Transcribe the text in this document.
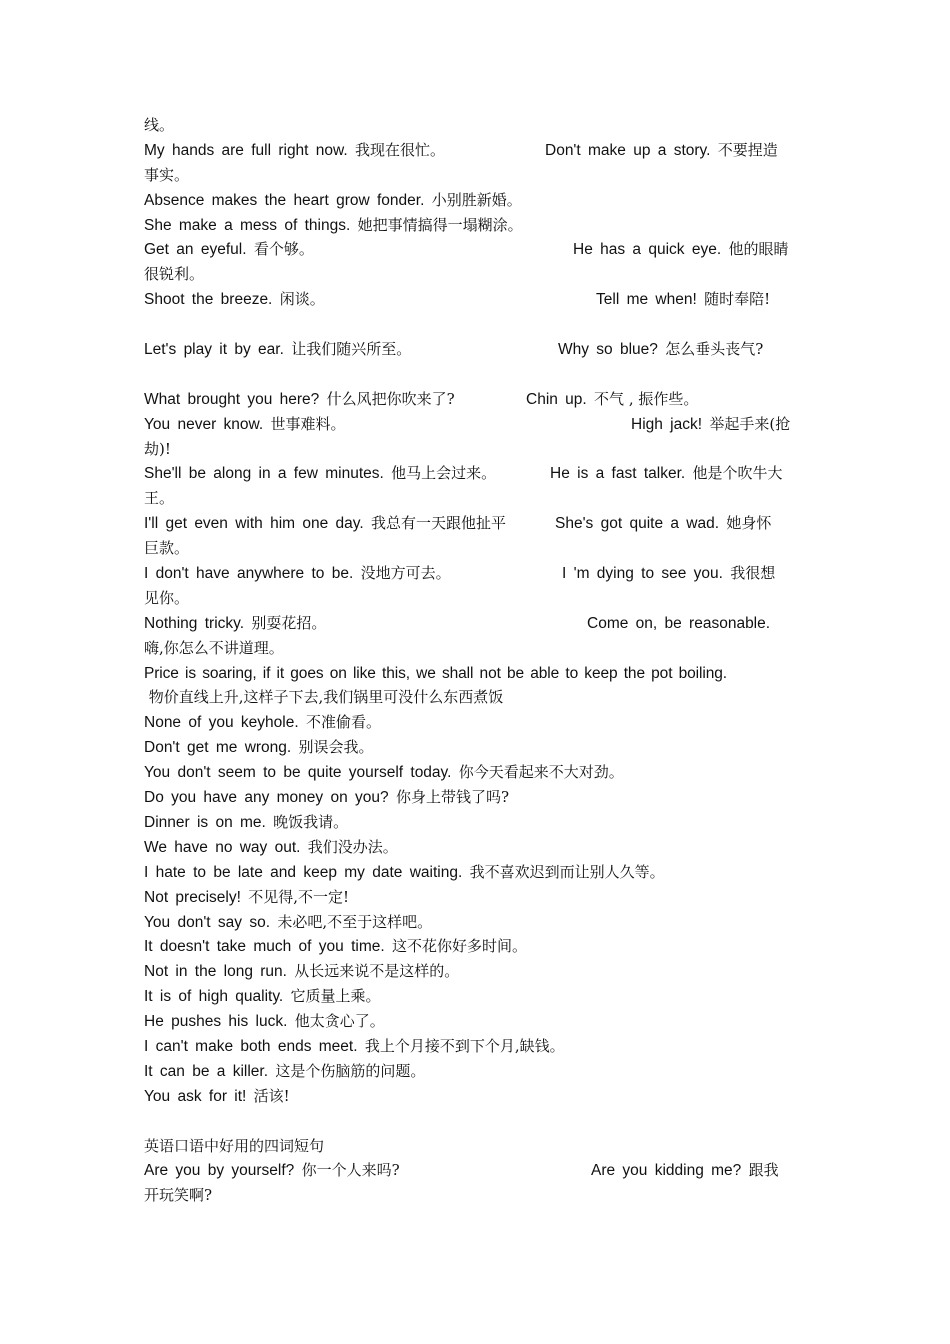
线。
My hands are full right now. 我现在很忙。	Don't make up a story. 不要捏造
事实。
Absence makes the heart grow fonder. 小别胜新婚。
She make a mess of things. 她把事情搞得一塌糊涂。
Get an eyeful. 看个够。	He has a quick eye. 他的眼睛
很锐利。
Shoot the breeze. 闲谈。	Tell me when! 随时奉陪!
Let's play it by ear. 让我们随兴所至。	Why so blue? 怎么垂头丧气?
What brought you here? 什么风把你吹来了?	Chin up. 不气 , 振作些。
You never know. 世事难料。	High jack! 举起手来(抢
劫)!
She'll be along in a few minutes. 他马上会过来。	He is a fast talker. 他是个吹牛大
王。
I'll get even with him one day. 我总有一天跟他扯平	She's got quite a wad. 她身怀
巨款。
I don't have anywhere to be. 没地方可去。	I 'm dying to see you. 我很想
见你。
Nothing tricky. 别耍花招。	Come on, be reasonable.
嗨,你怎么不讲道理。
Price is soaring, if it goes on like this, we shall not be able to keep the pot boiling.
物价直线上升,这样子下去,我们锅里可没什么东西煮饭
None of you keyhole. 不准偷看。
Don't get me wrong. 别误会我。
You don't seem to be quite yourself today. 你今天看起来不大对劲。
Do you have any money on you? 你身上带钱了吗?
Dinner is on me. 晚饭我请。
We have no way out. 我们没办法。
I hate to be late and keep my date waiting. 我不喜欢迟到而让别人久等。
Not precisely! 不见得,不一定!
You don't say so. 未必吧,不至于这样吧。
It doesn't take much of you time. 这不花你好多时间。
Not in the long run. 从长远来说不是这样的。
It is of high quality. 它质量上乘。
He pushes his luck. 他太贪心了。
I can't make both ends meet. 我上个月接不到下个月,缺钱。
It can be a killer. 这是个伤脑筋的问题。
You ask for it! 活该!
英语口语中好用的四词短句
Are you by yourself? 你一个人来吗?	Are you kidding me? 跟我
开玩笑啊?
